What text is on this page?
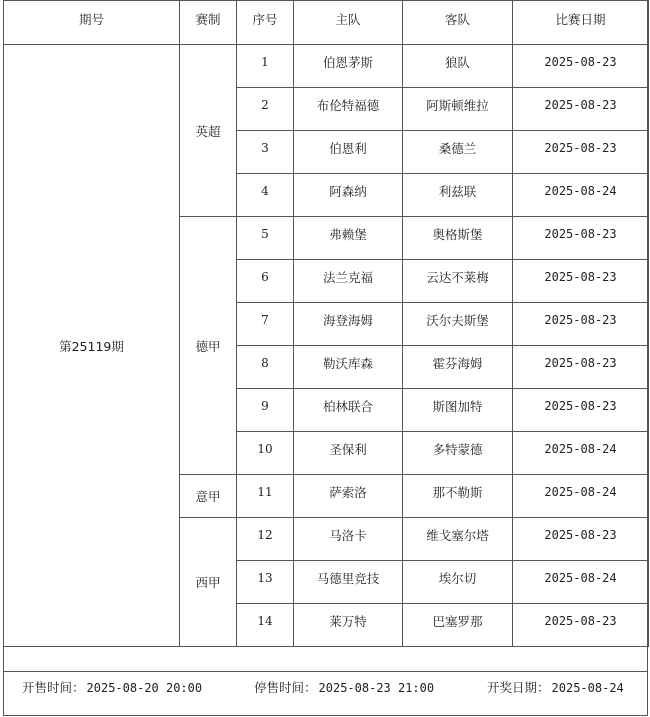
期号	赛制	序号	主队	客队	比赛日期
第25119期	英超	1	伯恩茅斯	狼队	2025-08-23
		2	布伦特福德	阿斯顿维拉	2025-08-23
		3	伯恩利	桑德兰	2025-08-23
		4	阿森纳	利兹联	2025-08-24
	德甲	5	弗赖堡	奥格斯堡	2025-08-23
		6	法兰克福	云达不莱梅	2025-08-23
		7	海登海姆	沃尔夫斯堡	2025-08-23
		8	勒沃库森	霍芬海姆	2025-08-23
		9	柏林联合	斯图加特	2025-08-23
		10	圣保利	多特蒙德	2025-08-24
	意甲	11	萨索洛	那不勒斯	2025-08-24
	西甲	12	马洛卡	维戈塞尔塔	2025-08-23
		13	马德里竞技	埃尔切	2025-08-24
		14	莱万特	巴塞罗那	2025-08-23
开售时间： 2025-08-20 20:00	停售时间： 2025-08-23 21:00	开奖日期： 2025-08-24
